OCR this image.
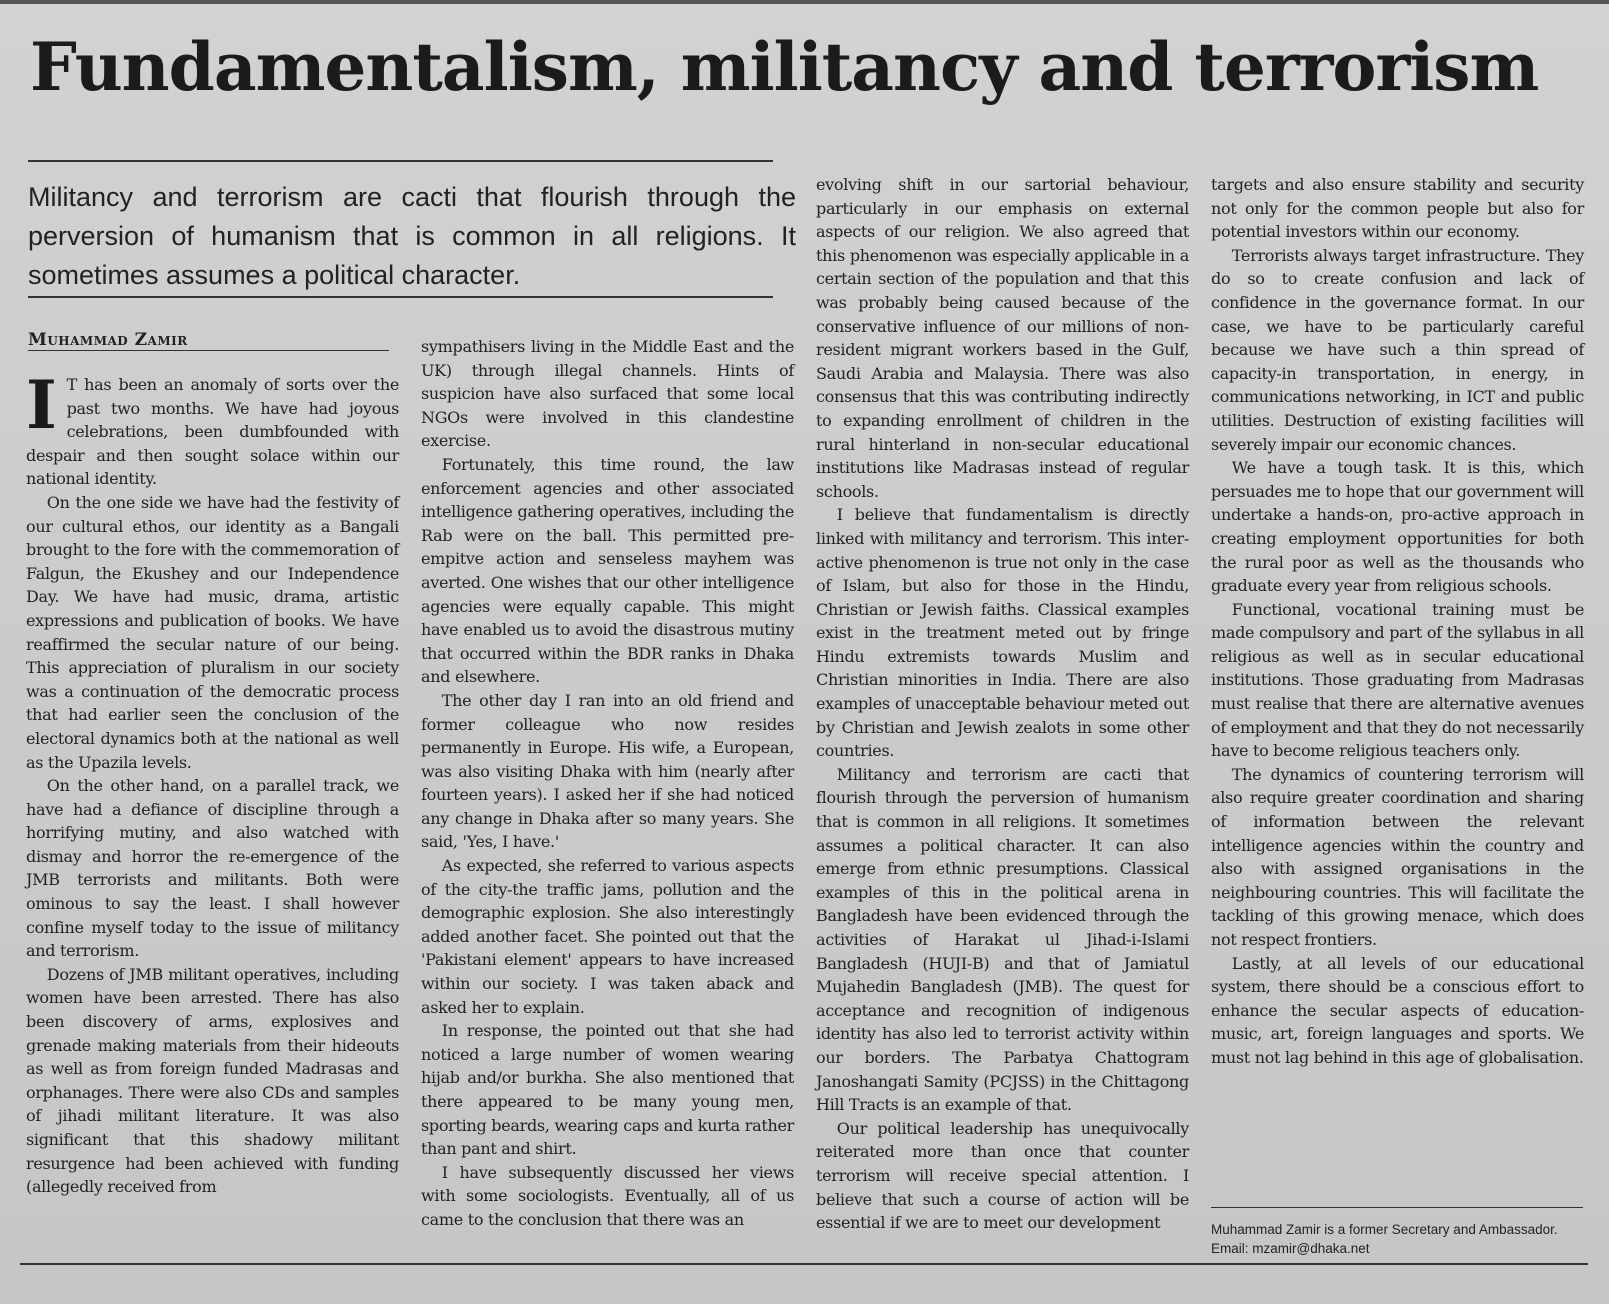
Fundamentalism, militancy and terrorism

Militancy and terrorism are cacti that flourish through the perversion of humanism that is common in all religions. It sometimes assumes a political character.

Muhammad Zamir

I T has been an anomaly of sorts over the past two months. We have had joyous celebrations, been dumbfounded with despair and then sought solace within our national identity.

On the one side we have had the festivity of our cultural ethos, our identity as a Bangali brought to the fore with the commemoration of Falgun, the Ekushey and our Independence Day. We have had music, drama, artistic expressions and publication of books. We have reaffirmed the secular nature of our being. This appreciation of pluralism in our society was a continuation of the democratic process that had earlier seen the conclusion of the electoral dynamics both at the national as well as the Upazila levels.

On the other hand, on a parallel track, we have had a defiance of discipline through a horrifying mutiny, and also watched with dismay and horror the re-emergence of the JMB terrorists and militants. Both were ominous to say the least. I shall however confine myself today to the issue of militancy and terrorism.

Dozens of JMB militant operatives, including women have been arrested. There has also been discovery of arms, explosives and grenade making materials from their hideouts as well as from foreign funded Madrasas and orphanages. There were also CDs and samples of jihadi militant literature. It was also significant that this shadowy militant resurgence had been achieved with funding (allegedly received from

sympathisers living in the Middle East and the UK) through illegal channels. Hints of suspicion have also surfaced that some local NGOs were involved in this clandestine exercise.

Fortunately, this time round, the law enforcement agencies and other associated intelligence gathering operatives, including the Rab were on the ball. This permitted pre-empitve action and senseless mayhem was averted. One wishes that our other intelligence agencies were equally capable. This might have enabled us to avoid the disastrous mutiny that occurred within the BDR ranks in Dhaka and elsewhere.

The other day I ran into an old friend and former colleague who now resides permanently in Europe. His wife, a European, was also visiting Dhaka with him (nearly after fourteen years). I asked her if she had noticed any change in Dhaka after so many years. She said, 'Yes, I have.'

As expected, she referred to various aspects of the city-the traffic jams, pollution and the demographic explosion. She also interestingly added another facet. She pointed out that the 'Pakistani element' appears to have increased within our society. I was taken aback and asked her to explain.

In response, the pointed out that she had noticed a large number of women wearing hijab and/or burkha. She also mentioned that there appeared to be many young men, sporting beards, wearing caps and kurta rather than pant and shirt.

I have subsequently discussed her views with some sociologists. Eventually, all of us came to the conclusion that there was an

evolving shift in our sartorial behaviour, particularly in our emphasis on external aspects of our religion. We also agreed that this phenomenon was especially applicable in a certain section of the population and that this was probably being caused because of the conservative influence of our millions of non-resident migrant workers based in the Gulf, Saudi Arabia and Malaysia. There was also consensus that this was contributing indirectly to expanding enrollment of children in the rural hinterland in non-secular educational institutions like Madrasas instead of regular schools.

I believe that fundamentalism is directly linked with militancy and terrorism. This inter-active phenomenon is true not only in the case of Islam, but also for those in the Hindu, Christian or Jewish faiths. Classical examples exist in the treatment meted out by fringe Hindu extremists towards Muslim and Christian minorities in India. There are also examples of unacceptable behaviour meted out by Christian and Jewish zealots in some other countries.

Militancy and terrorism are cacti that flourish through the perversion of humanism that is common in all religions. It sometimes assumes a political character. It can also emerge from ethnic presumptions. Classical examples of this in the political arena in Bangladesh have been evidenced through the activities of Harakat ul Jihad-i-Islami Bangladesh (HUJI-B) and that of Jamiatul Mujahedin Bangladesh (JMB). The quest for acceptance and recognition of indigenous identity has also led to terrorist activity within our borders. The Parbatya Chattogram Janoshangati Samity (PCJSS) in the Chittagong Hill Tracts is an example of that.

Our political leadership has unequivocally reiterated more than once that counter terrorism will receive special attention. I believe that such a course of action will be essential if we are to meet our development

targets and also ensure stability and security not only for the common people but also for potential investors within our economy.

Terrorists always target infrastructure. They do so to create confusion and lack of confidence in the governance format. In our case, we have to be particularly careful because we have such a thin spread of capacity-in transportation, in energy, in communications networking, in ICT and public utilities. Destruction of existing facilities will severely impair our economic chances.

We have a tough task. It is this, which persuades me to hope that our government will undertake a hands-on, pro-active approach in creating employment opportunities for both the rural poor as well as the thousands who graduate every year from religious schools.

Functional, vocational training must be made compulsory and part of the syllabus in all religious as well as in secular educational institutions. Those graduating from Madrasas must realise that there are alternative avenues of employment and that they do not necessarily have to become religious teachers only.

The dynamics of countering terrorism will also require greater coordination and sharing of information between the relevant intelligence agencies within the country and also with assigned organisations in the neighbouring countries. This will facilitate the tackling of this growing menace, which does not respect frontiers.

Lastly, at all levels of our educational system, there should be a conscious effort to enhance the secular aspects of education-music, art, foreign languages and sports. We must not lag behind in this age of globalisation.

Muhammad Zamir is a former Secretary and Ambassador.
Email: mzamir@dhaka.net
